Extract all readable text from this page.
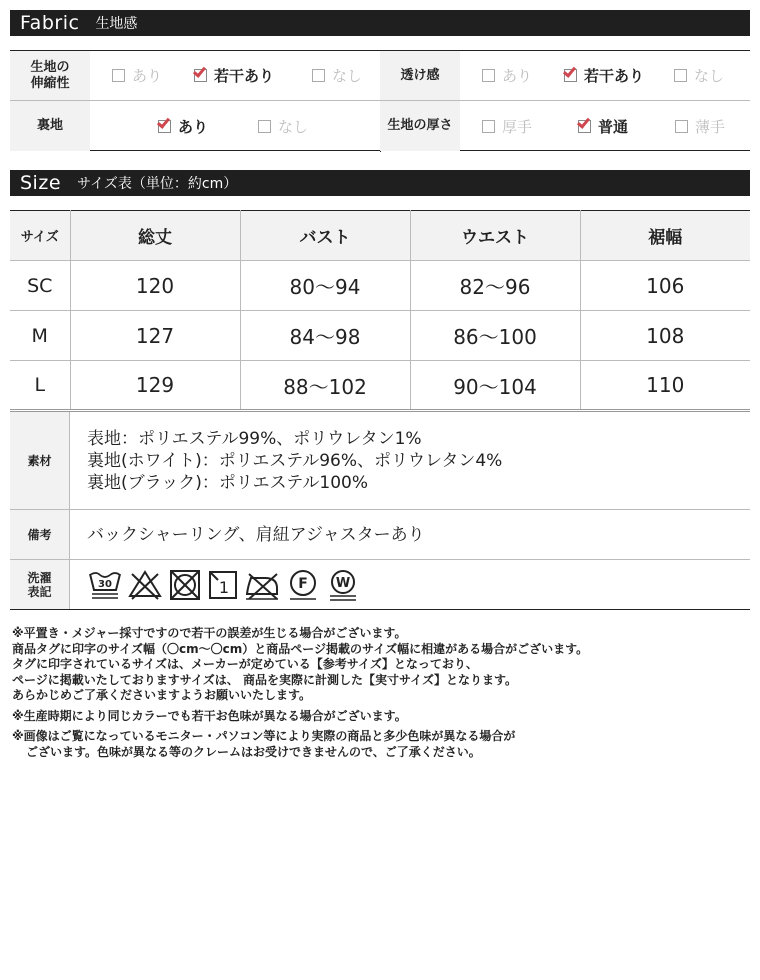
Fabric	生地感
生地の
伸縮性	あり	若干あり	なし	透け感	あり	若干あり	なし
裏地	あり	なし	生地の厚さ	厚手	普通	薄手
Size	サイズ表（単位：約cm）
サイズ	総丈	バスト	ウエスト	裾幅
SC	120	80〜94	82〜96	106
M	127	84〜98	86〜100	108
L	129	88〜102	90〜104	110
素材
表地：ポリエステル99%、ポリウレタン1%
裏地(ホワイト)：ポリエステル96%、ポリウレタン4%
裏地(ブラック)：ポリエステル100%
備考	バックシャーリング、肩紐アジャスターあり
洗濯
表記
30	1	F W

※平置き・メジャー採寸ですので若干の誤差が生じる場合がございます。

商品タグに印字のサイズ幅（〇cm〜〇cm）と商品ページ掲載のサイズ幅に相違がある場合がございます。

タグに印字されているサイズは、メーカーが定めている【参考サイズ】となっており、

ページに掲載いたしておりますサイズは、 商品を実際に計測した【実寸サイズ】となります。

あらかじめご了承くださいますようお願いいたします。

※生産時期により同じカラーでも若干お色味が異なる場合がございます。

※画像はご覧になっているモニター・パソコン等により実際の商品と多少色味が異なる場合が

ございます。色味が異なる等のクレームはお受けできませんので、ご了承ください。
